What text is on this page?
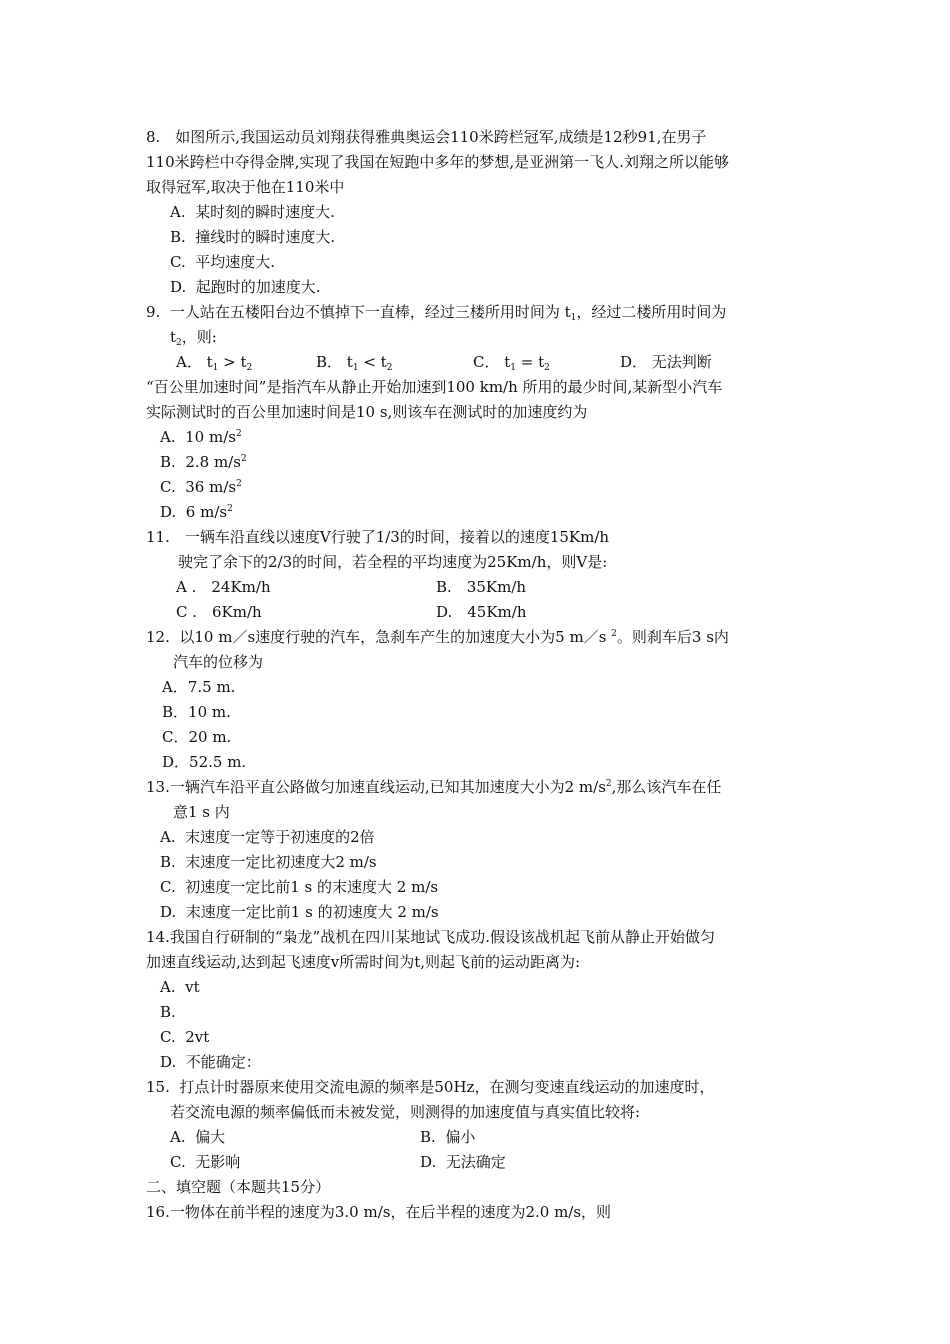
8.　如图所示,我国运动员刘翔获得雅典奥运会110米跨栏冠军,成绩是12秒91,在男子
110米跨栏中夺得金牌,实现了我国在短跑中多年的梦想,是亚洲第一飞人.刘翔之所以能够
取得冠军,取决于他在110米中
A.  某时刻的瞬时速度大.
B.  撞线时的瞬时速度大.
C.  平均速度大.
D.  起跑时的加速度大.
9.  一人站在五楼阳台边不慎掉下一直棒，经过三楼所用时间为 $t_1$，经过二楼所用时间为
$t_2$，则:
A． $t_1 > t_2$	B． $t_1 < t_2$	C． $t_1 = t_2$	D． 无法判断
“百公里加速时间”是指汽车从静止开始加速到100 km/h 所用的最少时间,某新型小汽车
实际测试时的百公里加速时间是10 s,则该车在测试时的加速度约为
A.  10 $m/s^2$
B.  2.8 $m/s^2$
C.  36 $m/s^2$
D.  6 $m/s^2$
11.　一辆车沿直线以速度V行驶了1/3的时间，接着以的速度15Km/h
驶完了余下的2/3的时间，若全程的平均速度为25Km/h，则V是:
A .　24Km/h	B.　35Km/h
C .　6Km/h	D.　45Km/h
12.  以10 m／s速度行驶的汽车，急刹车产生的加速度大小为5 m／s $^2$。则刹车后3 s内
汽车的位移为
A．7.5 m.
B．10 m.
C．20 m.
D．52.5 m.
13.一辆汽车沿平直公路做匀加速直线运动,已知其加速度大小为2 $m/s^2$,那么该汽车在任
意1 s 内
A.  末速度一定等于初速度的2倍
B.  末速度一定比初速度大2 m/s
C.  初速度一定比前1 s 的末速度大 2 m/s
D.  末速度一定比前1 s 的初速度大 2 m/s
14.我国自行研制的“枭龙”战机在四川某地试飞成功.假设该战机起飞前从静止开始做匀
加速直线运动,达到起飞速度v所需时间为t,则起飞前的运动距离为:
A.  vt
B.
C.  2vt
D.  不能确定：
15.  打点计时器原来使用交流电源的频率是50Hz，在测匀变速直线运动的加速度时，
若交流电源的频率偏低而未被发觉，则测得的加速度值与真实值比较将:
A.  偏大	B.  偏小
C.  无影响	D.  无法确定
二、填空题（本题共15分）
16.一物体在前半程的速度为3.0 m/s，在后半程的速度为2.0 m/s，则
